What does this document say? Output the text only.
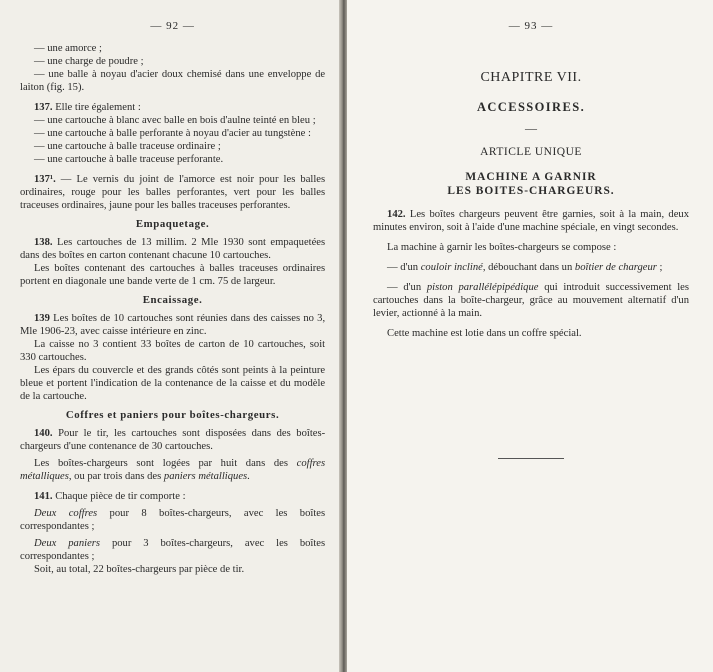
— 92 —

— une amorce ;

— une charge de poudre ;

— une balle à noyau d'acier doux chemisé dans une enveloppe de laiton (fig. 15).

137. Elle tire également :

— une cartouche à blanc avec balle en bois d'aulne teinté en bleu ;

— une cartouche à balle perforante à noyau d'acier au tungstène :

— une cartouche à balle traceuse ordinaire ;

— une cartouche à balle traceuse perforante.

137¹. — Le vernis du joint de l'amorce est noir pour les balles ordinaires, rouge pour les balles perforantes, vert pour les balles traceuses ordinaires, jaune pour les balles traceuses perforantes.

Empaquetage.

138. Les cartouches de 13 millim. 2 Mle 1930 sont empaquetées dans des boîtes en carton contenant chacune 10 cartouches.

Les boîtes contenant des cartouches à balles traceuses ordinaires portent en diagonale une bande verte de 1 cm. 75 de largeur.

Encaissage.

139 Les boîtes de 10 cartouches sont réunies dans des caisses no 3, Mle 1906-23, avec caisse intérieure en zinc.

La caisse no 3 contient 33 boîtes de carton de 10 cartouches, soit 330 cartouches.

Les épars du couvercle et des grands côtés sont peints à la peinture bleue et portent l'indication de la contenance de la caisse et du modèle de la cartouche.

Coffres et paniers pour boîtes-chargeurs.

140. Pour le tir, les cartouches sont disposées dans des boîtes-chargeurs d'une contenance de 30 cartouches.

Les boîtes-chargeurs sont logées par huit dans des coffres métalliques, ou par trois dans des paniers métalliques.

141. Chaque pièce de tir comporte :

Deux coffres pour 8 boîtes-chargeurs, avec les boîtes correspondantes ;

Deux paniers pour 3 boîtes-chargeurs, avec les boîtes correspondantes ;

Soit, au total, 22 boîtes-chargeurs par pièce de tir.

— 93 —
CHAPITRE VII.
ACCESSOIRES.
—
ARTICLE UNIQUE
MACHINE A GARNIR
LES BOITES-CHARGEURS.

142. Les boîtes chargeurs peuvent être garnies, soit à la main, deux minutes environ, soit à l'aide d'une machine spéciale, en vingt secondes.

La machine à garnir les boîtes-chargeurs se compose :

— d'un couloir incliné, débouchant dans un boîtier de chargeur ;

— d'un piston parallélépipédique qui introduit successivement les cartouches dans la boîte-chargeur, grâce au mouvement alternatif d'un levier, actionné à la main.

Cette machine est lotie dans un coffre spécial.
